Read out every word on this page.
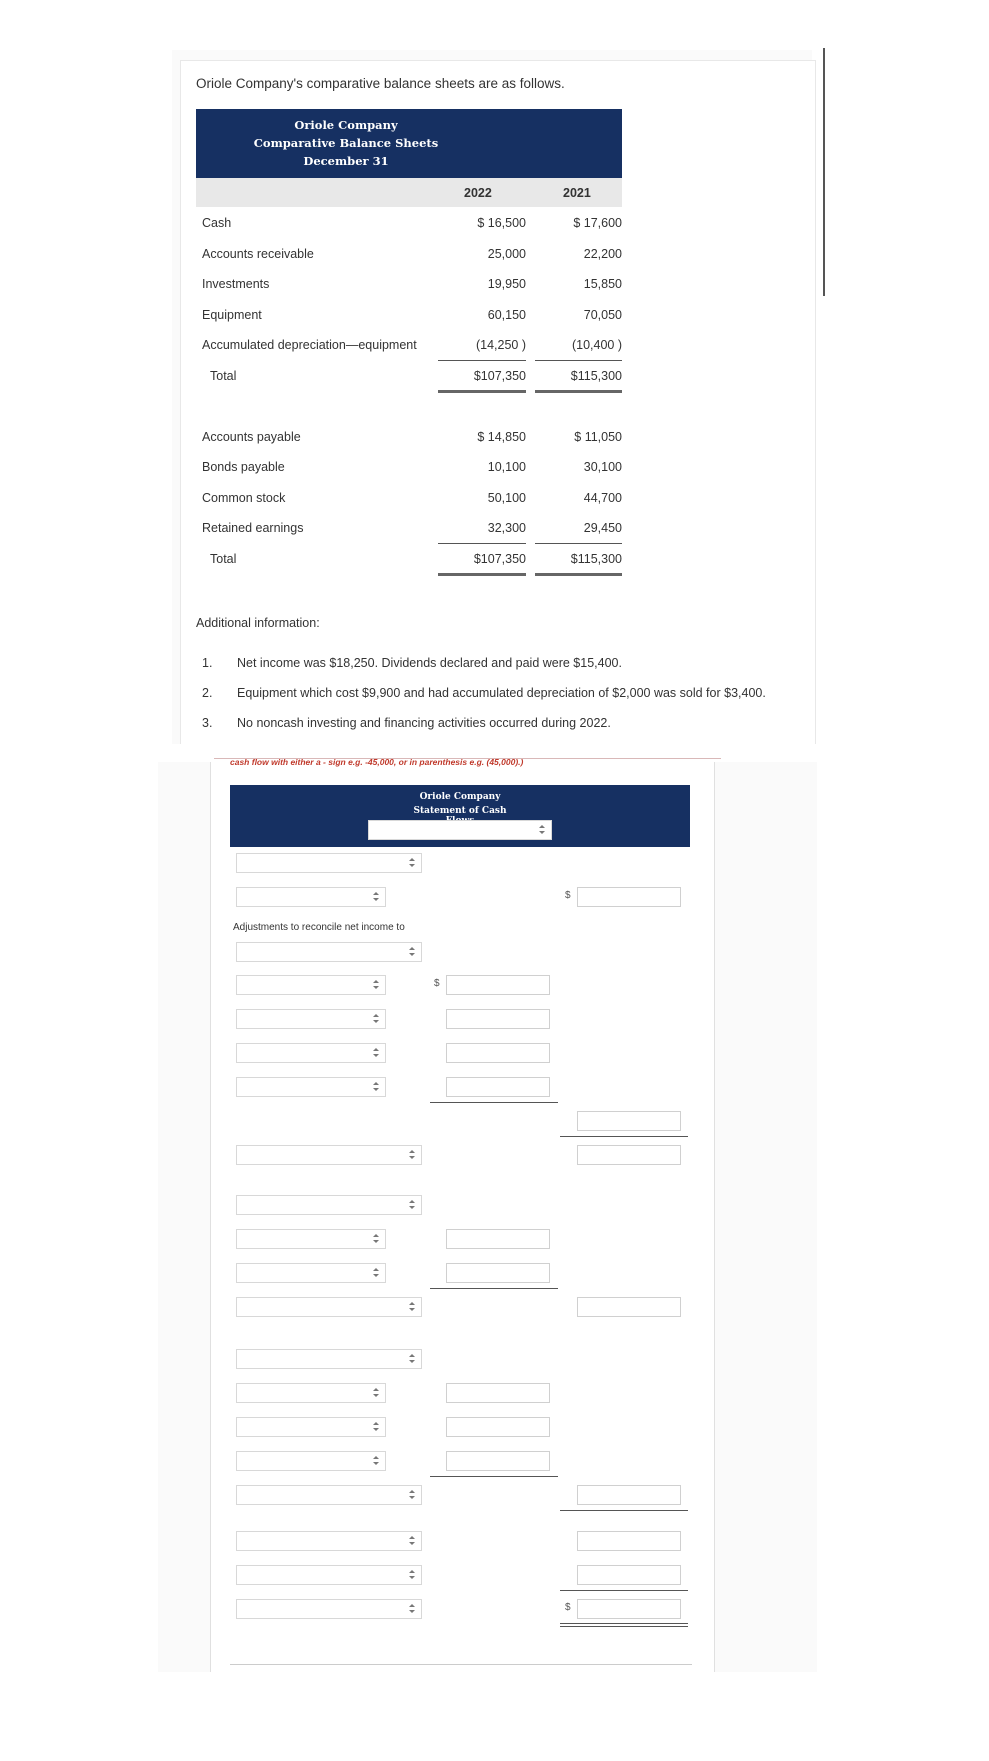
Oriole Company's comparative balance sheets are as follows.
Oriole Company
Comparative Balance Sheets
December 31
2022	2021
Cash	$ 16,500	$ 17,600
Accounts receivable	25,000	22,200
Investments	19,950	15,850
Equipment	60,150	70,050
Accumulated depreciation—equipment	(14,250 )	(10,400 )
Total	$107,350	$115,300
Accounts payable	$ 14,850	$ 11,050
Bonds payable	10,100	30,100
Common stock	50,100	44,700
Retained earnings	32,300	29,450
Total	$107,350	$115,300
Additional information:
1. Net income was $18,250. Dividends declared and paid were $15,400.
2. Equipment which cost $9,900 and had accumulated depreciation of $2,000 was sold for $3,400.
3. No noncash investing and financing activities occurred during 2022.
cash flow with either a - sign e.g. -45,000, or in parenthesis e.g. (45,000).)
Oriole Company
Statement of Cash
$
Adjustments to reconcile net income to
$
$
